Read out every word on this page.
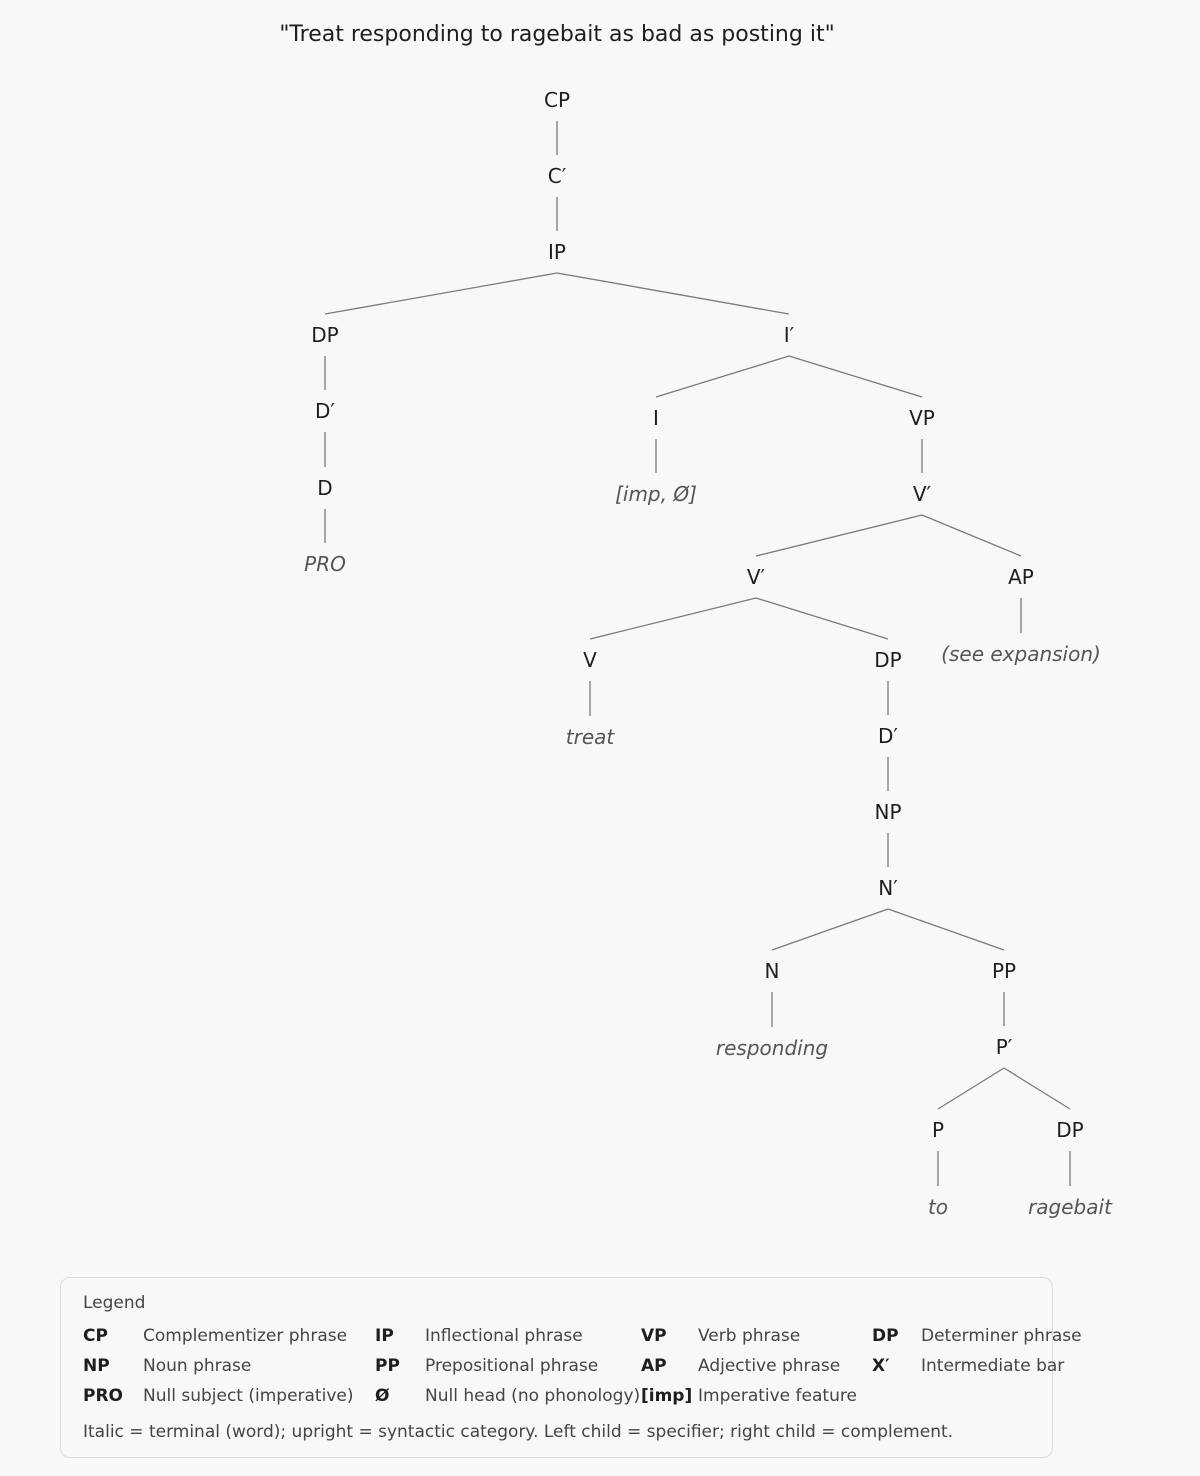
"Treat responding to ragebait as bad as posting it"
CP
C′
IP
DP
D′
D
PRO
I′
I
[imp, Ø]
VP
V′
V′	AP
(see expansion)
V
treat
DP
D′
NP
N′
N
responding
PP
P′
P
to
DP
ragebait
Legend
CP Complementizer phrase IP Inflectional phrase	VP Verb phrase	DP Determiner phrase
NP Noun phrase	PP Prepositional phrase	AP Adjective phrase X′ Intermediate bar
PRO Null subject (imperative) Ø Null head (no phonology) [imp] Imperative feature
Italic = terminal (word); upright = syntactic category. Left child = specifier; right child = complement.
